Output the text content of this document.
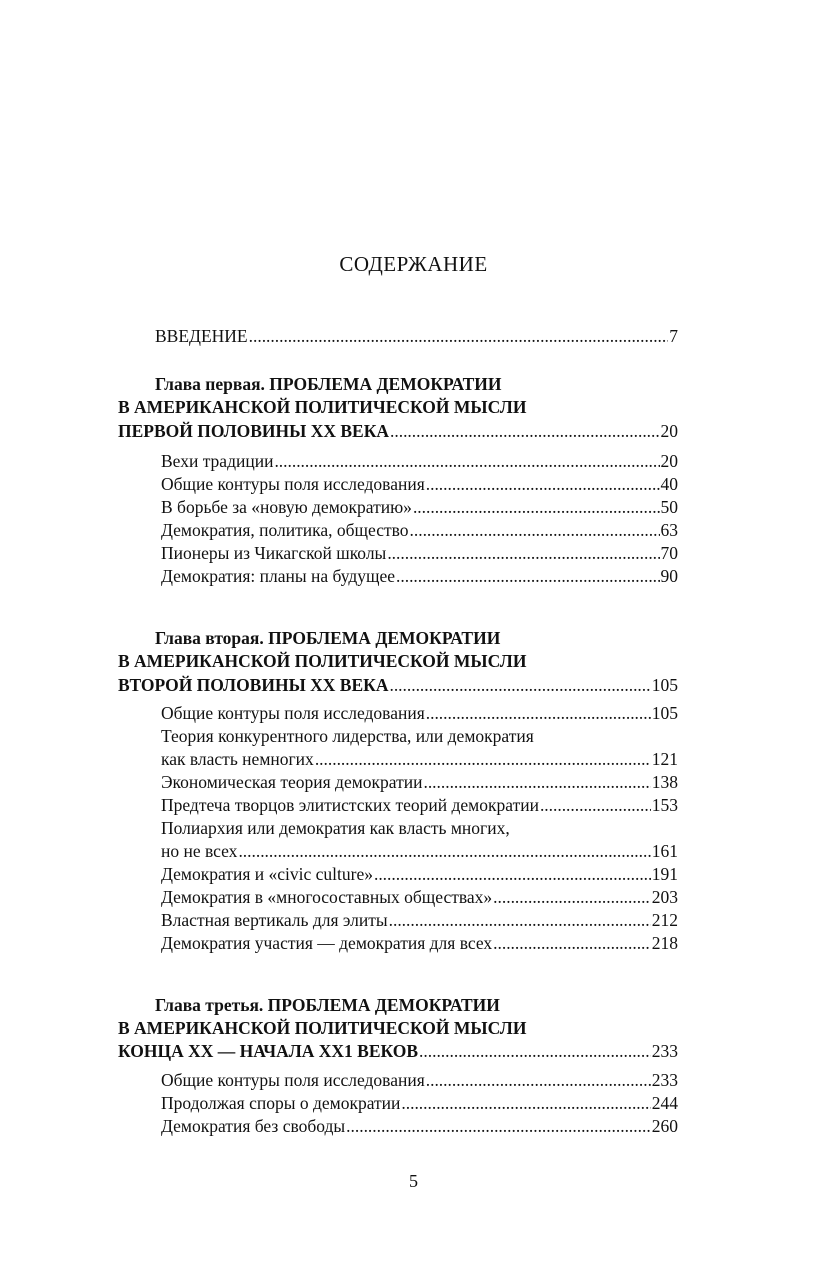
СОДЕРЖАНИЕ
ВВЕДЕНИЕ . . .	7
Глава первая. ПРОБЛЕМА ДЕМОКРАТИИ
В АМЕРИКАНСКОЙ ПОЛИТИЧЕСКОЙ МЫСЛИ
ПЕРВОЙ ПОЛОВИНЫ XX ВЕКА . . .	20
Вехи традиции . . .	20
Общие контуры поля исследования . . .	40
В борьбе за «новую демократию» . . .	50
Демократия, политика, общество . . .	63
Пионеры из Чикагской школы . . .	70
Демократия: планы на будущее . . .	90
Глава вторая. ПРОБЛЕМА ДЕМОКРАТИИ
В АМЕРИКАНСКОЙ ПОЛИТИЧЕСКОЙ МЫСЛИ
ВТОРОЙ ПОЛОВИНЫ XX ВЕКА . . .	105
Общие контуры поля исследования . . .	105
Теория конкурентного лидерства, или демократия
как власть немногих . . .	121
Экономическая теория демократии . . .	138
Предтеча творцов элитистских теорий демократии . . .	153
Полиархия или демократия как власть многих,
но не всех . . .	161
Демократия и «civic culture» . . .	191
Демократия в «многосоставных обществах» . . .	203
Властная вертикаль для элиты . . .	212
Демократия участия — демократия для всех . . .	218
Глава третья. ПРОБЛЕМА ДЕМОКРАТИИ
В АМЕРИКАНСКОЙ ПОЛИТИЧЕСКОЙ МЫСЛИ
КОНЦА XX — НАЧАЛА XX1 ВЕКОВ . . .	233
Общие контуры поля исследования . . .	233
Продолжая споры о демократии . . .	244
Демократия без свободы . . .	260
5
